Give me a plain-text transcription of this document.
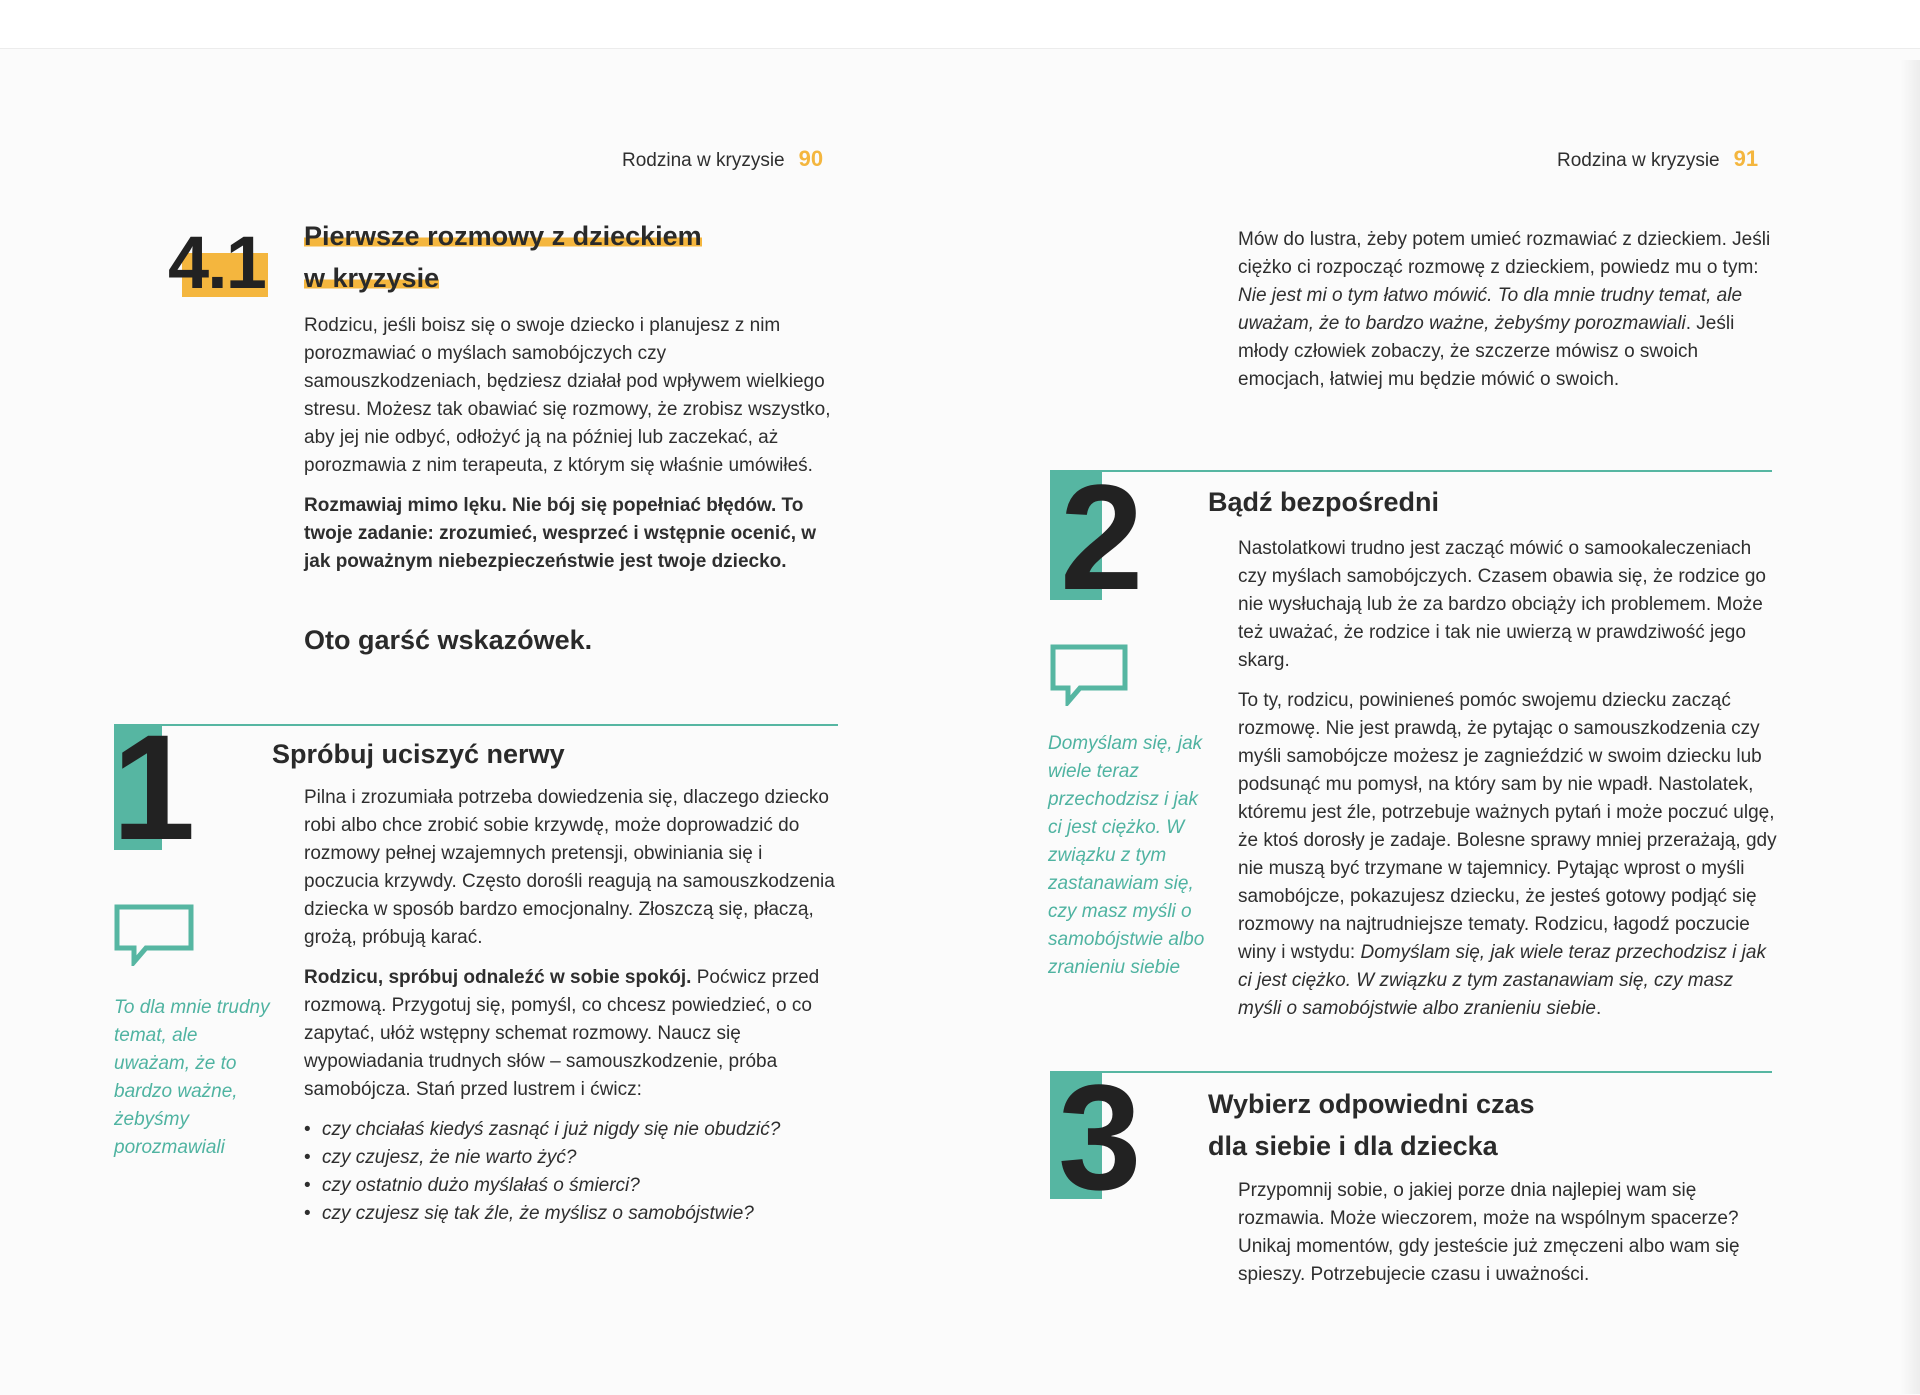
Rodzina w kryzysie 90
4.1 Pierwsze rozmowy z dzieckiem
w kryzysie

Rodzicu, jeśli boisz się o swoje dziecko i planujesz z nim porozmawiać o myślach samobójczych czy samouszkodzeniach, będziesz działał pod wpływem wielkiego stresu. Możesz tak obawiać się rozmowy, że zrobisz wszystko, aby jej nie odbyć, odłożyć ją na później lub zaczekać, aż porozmawia z nim terapeuta, z którym się właśnie umówiłeś.

Rozmawiaj mimo lęku. Nie bój się popełniać błędów. To twoje zadanie: zrozumieć, wesprzeć i wstępnie ocenić, w jak poważnym niebezpieczeństwie jest twoje dziecko.

Oto garść wskazówek.
1	Spróbuj uciszyć nerwy

Pilna i zrozumiała potrzeba dowiedzenia się, dlaczego dziecko robi albo chce zrobić sobie krzywdę, może doprowadzić do rozmowy pełnej wzajemnych pretensji, obwiniania się i poczucia krzywdy. Często dorośli reagują na samouszkodzenia dziecka w sposób bardzo emocjonalny. Złoszczą się, płaczą, grożą, próbują karać.

Rodzicu, spróbuj odnaleźć w sobie spokój. Poćwicz przed rozmową. Przygotuj się, pomyśl, co chcesz powiedzieć, o co zapytać, ułóż wstępny schemat rozmowy. Naucz się wypowiadania trudnych słów – samouszkodzenie, próba samobójcza. Stań przed lustrem i ćwicz:

• czy chciałaś kiedyś zasnąć i już nigdy się nie obudzić?
• czy czujesz, że nie warto żyć?
• czy ostatnio dużo myślałaś o śmierci?
• czy czujesz się tak źle, że myślisz o samobójstwie?
To dla mnie trudny temat, ale uważam, że to bardzo ważne, żebyśmy porozmawiali
Rodzina w kryzysie 91

Mów do lustra, żeby potem umieć rozmawiać z dzieckiem. Jeśli ciężko ci rozpocząć rozmowę z dzieckiem, powiedz mu o tym: Nie jest mi o tym łatwo mówić. To dla mnie trudny temat, ale uważam, że to bardzo ważne, żebyśmy porozmawiali. Jeśli młody człowiek zobaczy, że szczerze mówisz o swoich emocjach, łatwiej mu będzie mówić o swoich.

2 Bądź bezpośredni

Nastolatkowi trudno jest zacząć mówić o samookaleczeniach czy myślach samobójczych. Czasem obawia się, że rodzice go nie wysłuchają lub że za bardzo obciąży ich problemem. Może też uważać, że rodzice i tak nie uwierzą w prawdziwość jego skarg.

To ty, rodzicu, powinieneś pomóc swojemu dziecku zacząć rozmowę. Nie jest prawdą, że pytając o samouszkodzenia czy myśli samobójcze możesz je zagnieździć w swoim dziecku lub podsunąć mu pomysł, na który sam by nie wpadł. Nastolatek, któremu jest źle, potrzebuje ważnych pytań i może poczuć ulgę, że ktoś dorosły je zadaje. Bolesne sprawy mniej przerażają, gdy nie muszą być trzymane w tajemnicy. Pytając wprost o myśli samobójcze, pokazujesz dziecku, że jesteś gotowy podjąć się rozmowy na najtrudniejsze tematy. Rodzicu, łagodź poczucie winy i wstydu: Domyślam się, jak wiele teraz przechodzisz i jak ci jest ciężko. W związku z tym zastanawiam się, czy masz myśli o samobójstwie albo zranieniu siebie.

Domyślam się, jak wiele teraz przechodzisz i jak ci jest ciężko. W związku z tym zastanawiam się, czy masz myśli o samobójstwie albo zranieniu siebie
3 Wybierz odpowiedni czas
dla siebie i dla dziecka

Przypomnij sobie, o jakiej porze dnia najlepiej wam się rozmawia. Może wieczorem, może na wspólnym spacerze? Unikaj momentów, gdy jesteście już zmęczeni albo wam się spieszy. Potrzebujecie czasu i uważności.
